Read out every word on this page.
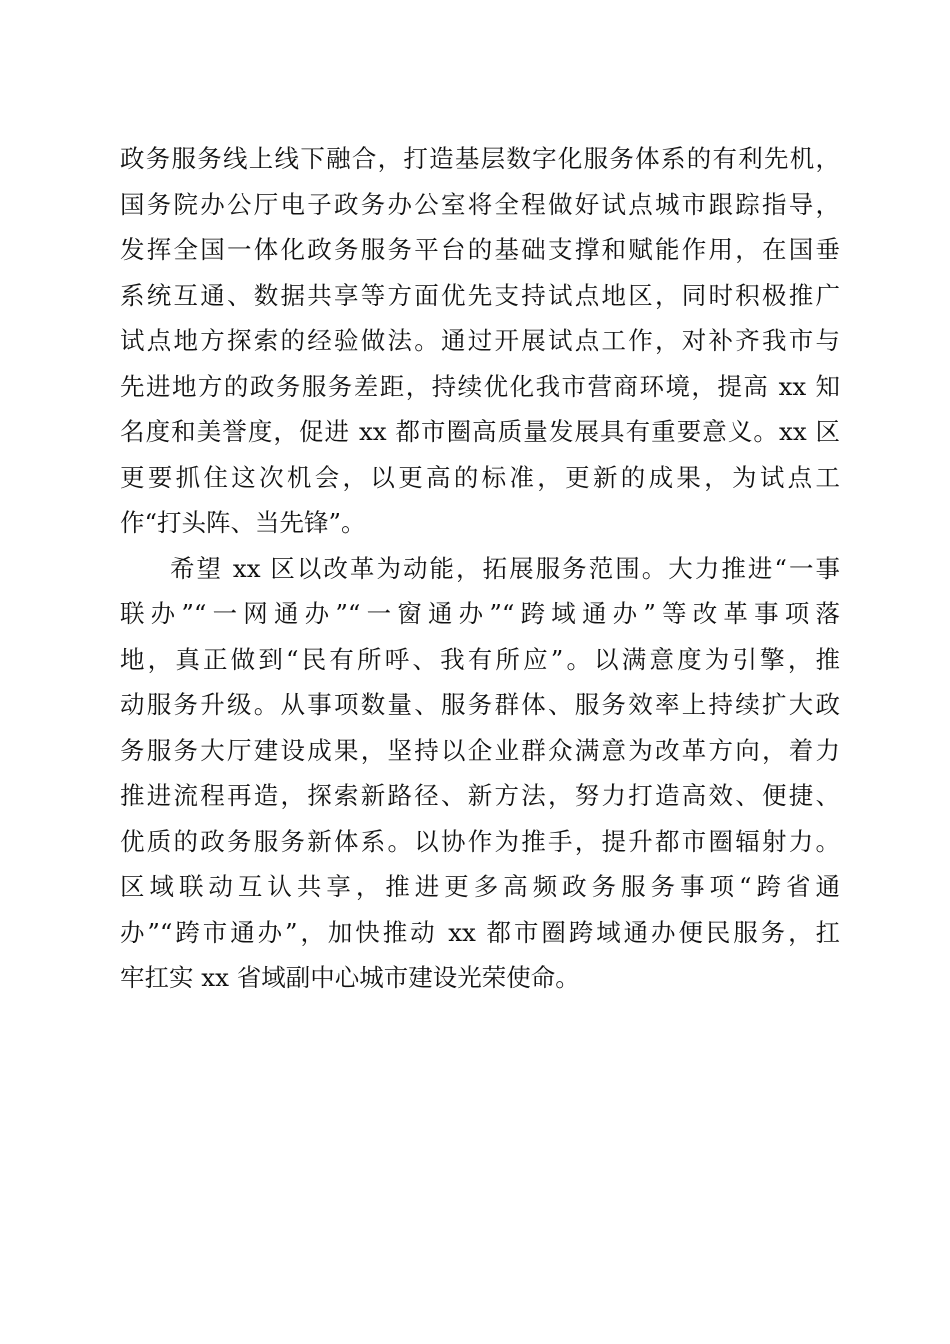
政务服务线上线下融合，打造基层数字化服务体系的有利先机，
国务院办公厅电子政务办公室将全程做好试点城市跟踪指导，
发挥全国一体化政务服务平台的基础支撑和赋能作用，在国垂
系统互通、数据共享等方面优先支持试点地区，同时积极推广
试点地方探索的经验做法。通过开展试点工作，对补齐我市与
先进地方的政务服务差距，持续优化我市营商环境，提高 xx 知
名度和美誉度，促进 xx 都市圈高质量发展具有重要意义。xx 区
更要抓住这次机会，以更高的标准，更新的成果，为试点工
作“打头阵、当先锋”。
希望 xx 区以改革为动能，拓展服务范围。大力推进“一事
联办”“一网通办”“一窗通办”“跨域通办”等改革事项落
地，真正做到“民有所呼、我有所应”。以满意度为引擎，推
动服务升级。从事项数量、服务群体、服务效率上持续扩大政
务服务大厅建设成果，坚持以企业群众满意为改革方向，着力
推进流程再造，探索新路径、新方法，努力打造高效、便捷、
优质的政务服务新体系。以协作为推手，提升都市圈辐射力。
区域联动互认共享，推进更多高频政务服务事项“跨省通
办”“跨市通办”，加快推动 xx 都市圈跨域通办便民服务，扛
牢扛实 xx 省域副中心城市建设光荣使命。
